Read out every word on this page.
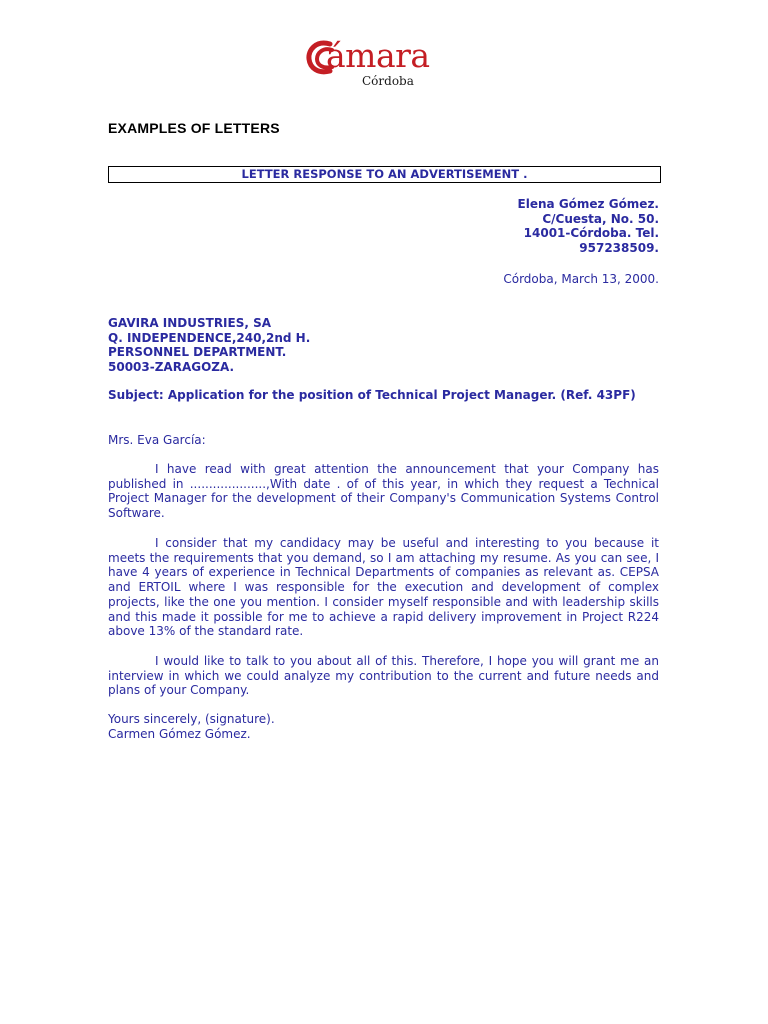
ámara
Córdoba
EXAMPLES OF LETTERS
LETTER RESPONSE TO AN ADVERTISEMENT .
Elena Gómez Gómez.
C/Cuesta, No. 50.
14001-Córdoba. Tel.
957238509.
Córdoba, March 13, 2000.
GAVIRA INDUSTRIES, SA
Q. INDEPENDENCE,240,2nd H.
PERSONNEL DEPARTMENT.
50003-ZARAGOZA.
Subject: Application for the position of Technical Project Manager. (Ref. 43PF)
Mrs. Eva García:
I have read with great attention the announcement that your Company has published in ....................,With date . of of this year, in which they request a Technical Project Manager for the development of their Company's Communication Systems Control Software.
I consider that my candidacy may be useful and interesting to you because it meets the requirements that you demand, so I am attaching my resume. As you can see, I have 4 years of experience in Technical Departments of companies as relevant as. CEPSA and ERTOIL where I was responsible for the execution and development of complex projects, like the one you mention. I consider myself responsible and with leadership skills and this made it possible for me to achieve a rapid delivery improvement in Project R224 above 13% of the standard rate.
I would like to talk to you about all of this. Therefore, I hope you will grant me an interview in which we could analyze my contribution to the current and future needs and plans of your Company.
Yours sincerely, (signature).
Carmen Gómez Gómez.
